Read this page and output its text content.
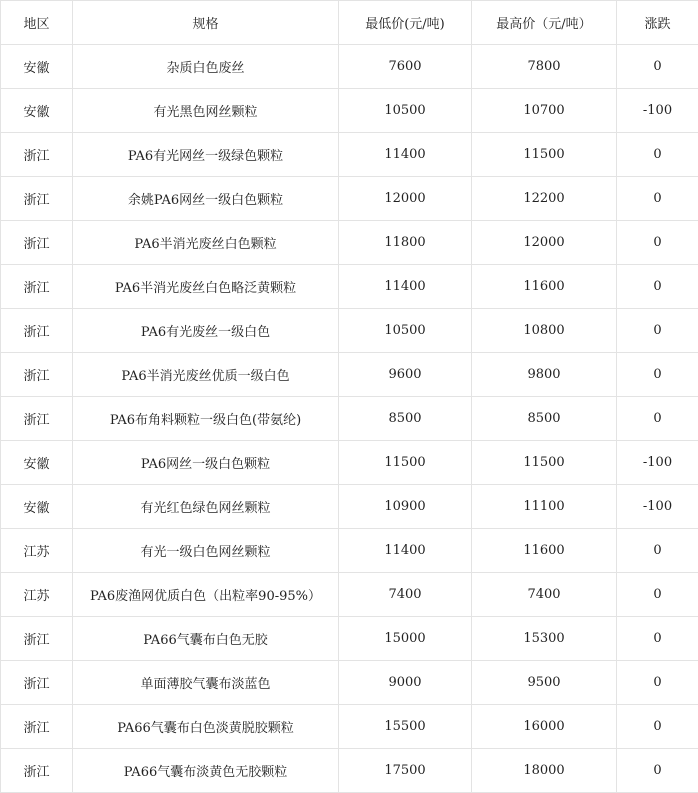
地区	规格	最低价(元/吨)	最高价（元/吨）	涨跌
安徽	杂质白色废丝	7600	7800	0
安徽	有光黑色网丝颗粒	10500	10700	-100
浙江	PA6有光网丝一级绿色颗粒	11400	11500	0
浙江	余姚PA6网丝一级白色颗粒	12000	12200	0
浙江	PA6半消光废丝白色颗粒	11800	12000	0
浙江	PA6半消光废丝白色略泛黄颗粒	11400	11600	0
浙江	PA6有光废丝一级白色	10500	10800	0
浙江	PA6半消光废丝优质一级白色	9600	9800	0
浙江	PA6布角料颗粒一级白色(带氨纶)	8500	8500	0
安徽	PA6网丝一级白色颗粒	11500	11500	-100
安徽	有光红色绿色网丝颗粒	10900	11100	-100
江苏	有光一级白色网丝颗粒	11400	11600	0
江苏	PA6废渔网优质白色（出粒率90-95%）	7400	7400	0
浙江	PA66气囊布白色无胶	15000	15300	0
浙江	单面薄胶气囊布淡蓝色	9000	9500	0
浙江	PA66气囊布白色淡黄脱胶颗粒	15500	16000	0
浙江	PA66气囊布淡黄色无胶颗粒	17500	18000	0
